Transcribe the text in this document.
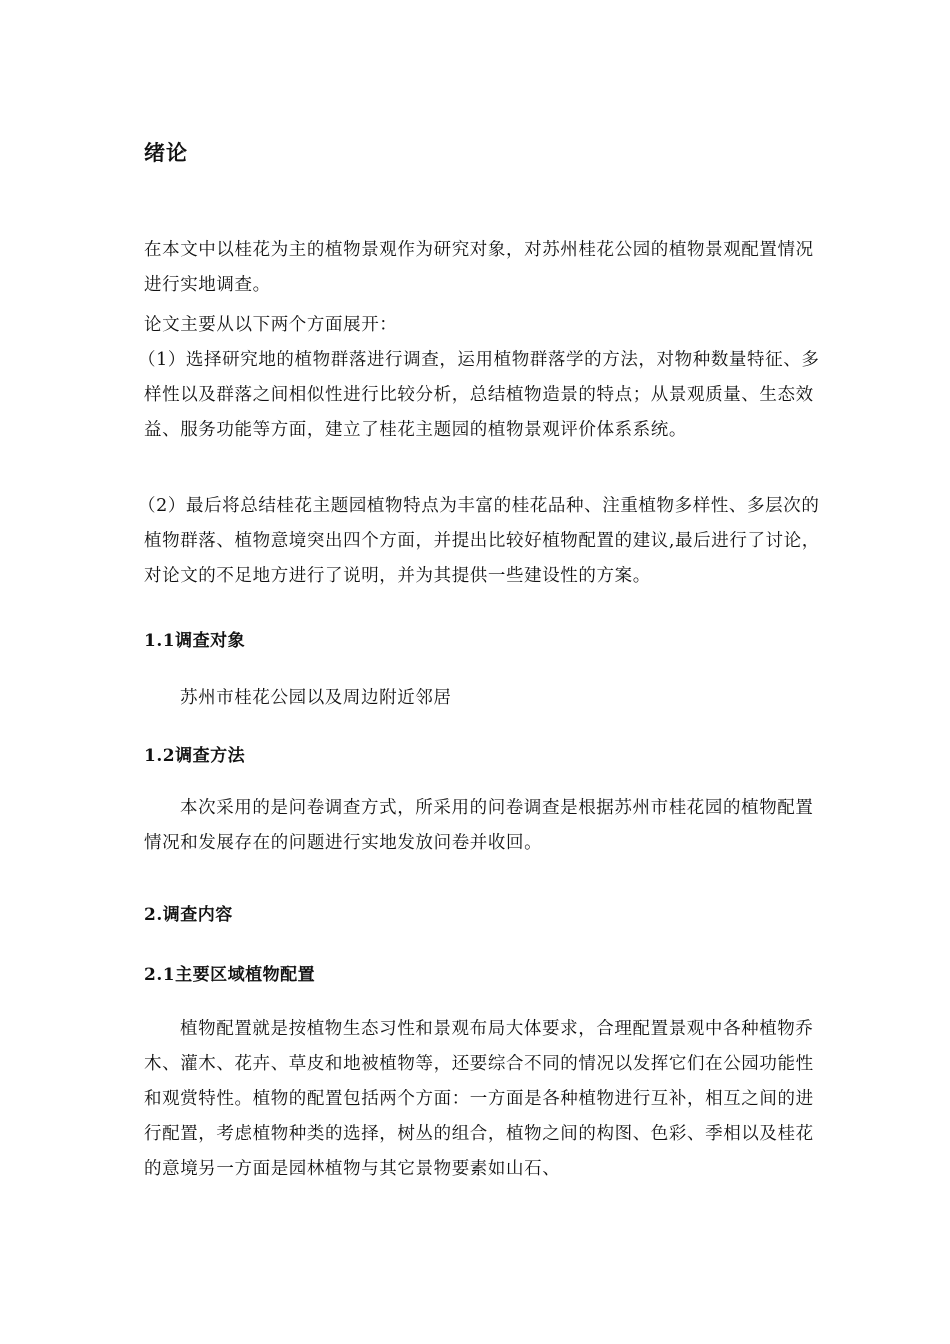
绪论

在本文中以桂花为主的植物景观作为研究对象，对苏州桂花公园的植物景观配置情况进行实地调查。

论文主要从以下两个方面展开：

（1）选择研究地的植物群落进行调查，运用植物群落学的方法，对物种数量特征、多样性以及群落之间相似性进行比较分析，总结植物造景的特点；从景观质量、生态效益、服务功能等方面，建立了桂花主题园的植物景观评价体系系统。

（2）最后将总结桂花主题园植物特点为丰富的桂花品种、注重植物多样性、多层次的植物群落、植物意境突出四个方面，并提出比较好植物配置的建议,最后进行了讨论，对论文的不足地方进行了说明，并为其提供一些建设性的方案。

1.1调查对象

苏州市桂花公园以及周边附近邻居

1.2调查方法

本次采用的是问卷调查方式，所采用的问卷调查是根据苏州市桂花园的植物配置情况和发展存在的问题进行实地发放问卷并收回。

2.调查内容
2.1主要区域植物配置

植物配置就是按植物生态习性和景观布局大体要求，合理配置景观中各种植物乔木、灌木、花卉、草皮和地被植物等，还要综合不同的情况以发挥它们在公园功能性和观赏特性。植物的配置包括两个方面：一方面是各种植物进行互补，相互之间的进行配置，考虑植物种类的选择，树丛的组合，植物之间的构图、色彩、季相以及桂花的意境另一方面是园林植物与其它景物要素如山石、
